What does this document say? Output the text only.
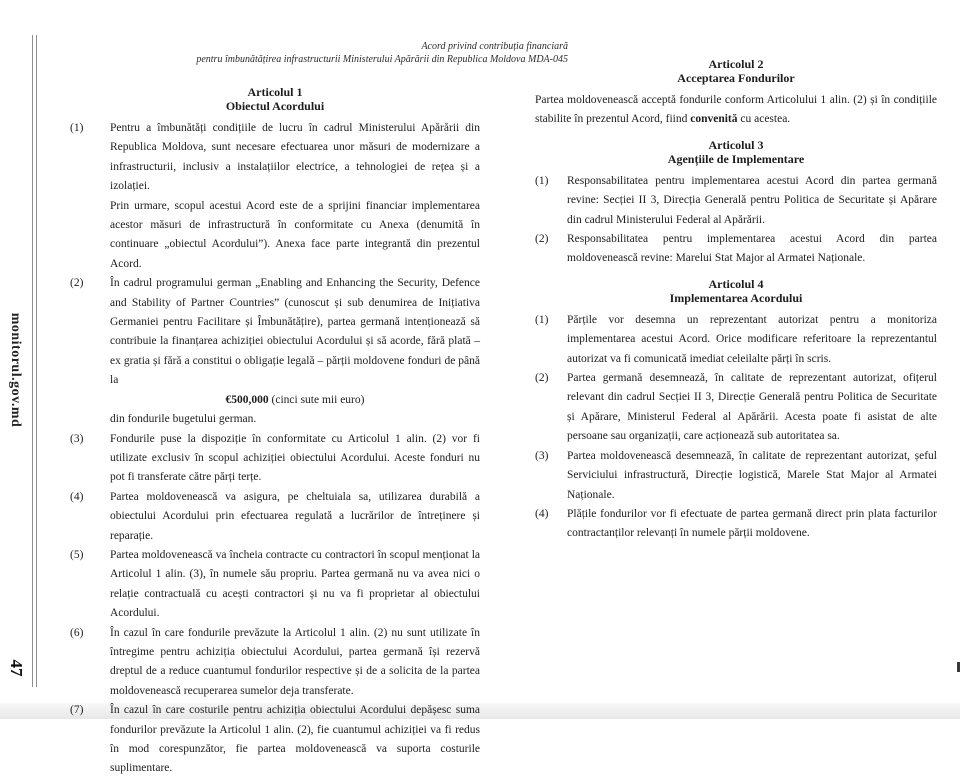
monitorul.gov.md
47
Acord privind contribuția financiară
pentru îmbunătățirea infrastructurii Ministerului Apărării din Republica Moldova MDA-045
Articolul 1
Obiectul Acordului
(1) Pentru a îmbunătăți condițiile de lucru în cadrul Ministerului Apărării din Republica Moldova, sunt necesare efectuarea unor măsuri de modernizare a infrastructurii, inclusiv a instalațiilor electrice, a tehnologiei de rețea și a izolației.
Prin urmare, scopul acestui Acord este de a sprijini financiar implementarea acestor măsuri de infrastructură în conformitate cu Anexa (denumită în continuare „obiectul Acordului”). Anexa face parte integrantă din prezentul Acord.
(2) În cadrul programului german „Enabling and Enhancing the Security, Defence and Stability of Partner Countries” (cunoscut și sub denumirea de Inițiativa Germaniei pentru Facilitare și Îmbunătățire), partea germană intenționează să contribuie la finanțarea achiziției obiectului Acordului și să acorde, fără plată – ex gratia și fără a constitui o obligație legală – părții moldovene fonduri de până la
€500,000 (cinci sute mii euro)
din fondurile bugetului german.
(3) Fondurile puse la dispoziție în conformitate cu Articolul 1 alin. (2) vor fi utilizate exclusiv în scopul achiziției obiectului Acordului. Aceste fonduri nu pot fi transferate către părți terțe.
(4) Partea moldovenească va asigura, pe cheltuiala sa, utilizarea durabilă a obiectului Acordului prin efectuarea regulată a lucrărilor de întreținere și reparație.
(5) Partea moldovenească va încheia contracte cu contractori în scopul menționat la Articolul 1 alin. (3), în numele său propriu. Partea germană nu va avea nici o relație contractuală cu acești contractori și nu va fi proprietar al obiectului Acordului.
(6) În cazul în care fondurile prevăzute la Articolul 1 alin. (2) nu sunt utilizate în întregime pentru achiziția obiectului Acordului, partea germană își rezervă dreptul de a reduce cuantumul fondurilor respective și de a solicita de la partea moldovenească recuperarea sumelor deja transferate.
(7) În cazul în care costurile pentru achiziția obiectului Acordului depășesc suma fondurilor prevăzute la Articolul 1 alin. (2), fie cuantumul achiziției va fi redus în mod corespunzător, fie partea moldovenească va suporta costurile suplimentare.
Articolul 2
Acceptarea Fondurilor
Partea moldovenească acceptă fondurile conform Articolului 1 alin. (2) și în condițiile stabilite în prezentul Acord, fiind convenită cu acestea.
Articolul 3
Agențiile de Implementare
(1) Responsabilitatea pentru implementarea acestui Acord din partea germană revine: Secției II 3, Direcția Generală pentru Politica de Securitate și Apărare din cadrul Ministerului Federal al Apărării.
(2) Responsabilitatea pentru implementarea acestui Acord din partea moldovenească revine: Marelui Stat Major al Armatei Naționale.
Articolul 4
Implementarea Acordului
(1) Părțile vor desemna un reprezentant autorizat pentru a monitoriza implementarea acestui Acord. Orice modificare referitoare la reprezentantul autorizat va fi comunicată imediat celeilalte părți în scris.
(2) Partea germană desemnează, în calitate de reprezentant autorizat, ofițerul relevant din cadrul Secției II 3, Direcție Generală pentru Politica de Securitate și Apărare, Ministerul Federal al Apărării. Acesta poate fi asistat de alte persoane sau organizații, care acționează sub autoritatea sa.
(3) Partea moldovenească desemnează, în calitate de reprezentant autorizat, șeful Serviciului infrastructură, Direcție logistică, Marele Stat Major al Armatei Naționale.
(4) Plățile fondurilor vor fi efectuate de partea germană direct prin plata facturilor contractanților relevanți în numele părții moldovene.
